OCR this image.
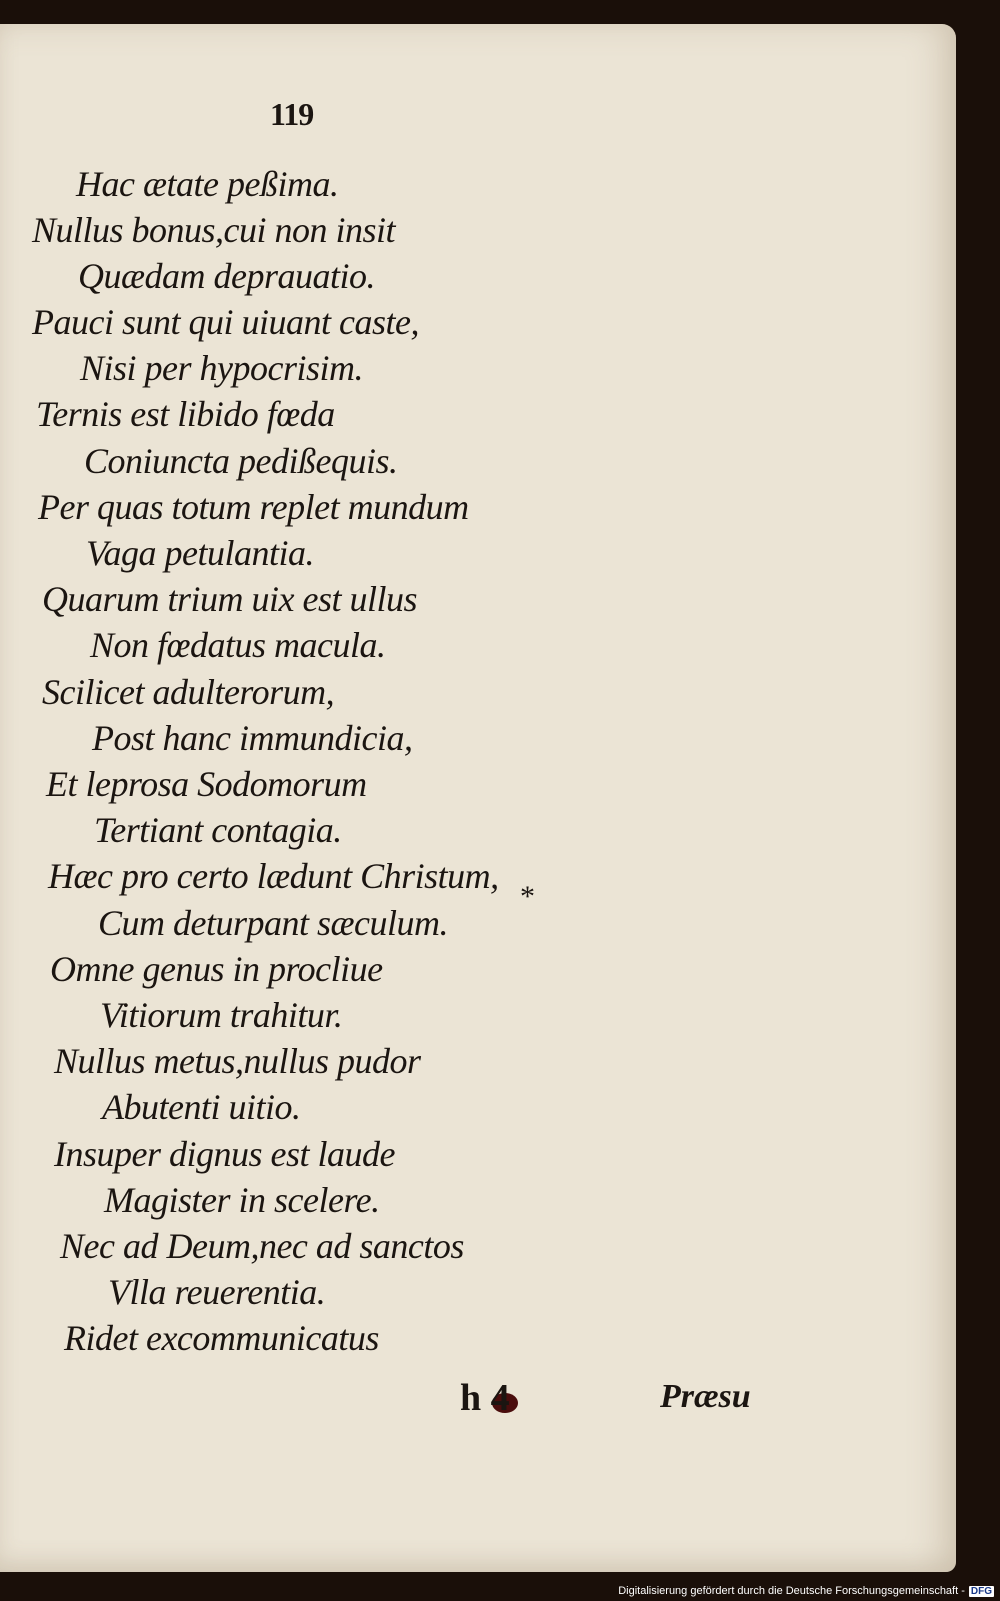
119

Hac ætate peßima.

Nullus bonus,cui non insit

Quædam deprauatio.

Pauci sunt qui uiuant caste,

Nisi per hypocrisim.

Ternis est libido fœda

Coniuncta pedißequis.

Per quas totum replet mundum

Vaga petulantia.

Quarum trium uix est ullus

Non fœdatus macula.

Scilicet adulterorum,

Post hanc immundicia,

Et leprosa Sodomorum

Tertiant contagia.

Hæc pro certo lædunt Christum,

Cum deturpant sæculum.

Omne genus in procliue

Vitiorum trahitur.

Nullus metus,nullus pudor

Abutenti uitio.

Insuper dignus est laude

Magister in scelere.

Nec ad Deum,nec ad sanctos

Vlla reuerentia.

Ridet excommunicatus

*
h 4	Præsu
Digitalisierung gefördert durch die Deutsche Forschungsgemeinschaft - DFG
